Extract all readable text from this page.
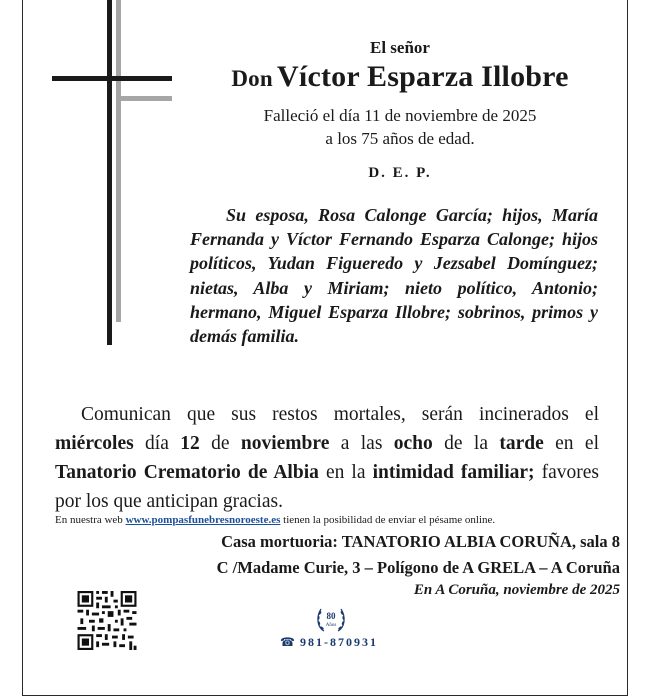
El señor
Don Víctor Esparza Illobre
Falleció el día 11 de noviembre de 2025
a los 75 años de edad.
D. E. P.
Su esposa, Rosa Calonge García; hijos, María Fernanda y Víctor Fernando Esparza Calonge; hijos políticos, Yudan Figueredo y Jezsabel Domínguez; nietas, Alba y Miriam; nieto político, Antonio; hermano, Miguel Esparza Illobre; sobrinos, primos y demás familia.
Comunican que sus restos mortales, serán incinerados el miércoles día 12 de noviembre a las ocho de la tarde en el Tanatorio Crematorio de Albia en la intimidad familiar; favores por los que anticipan gracias.
En nuestra web www.pompasfunebresnoroeste.es tienen la posibilidad de enviar el pésame online.
Casa mortuoria: TANATORIO ALBIA CORUÑA, sala 8
C /Madame Curie, 3 – Polígono de A GRELA – A Coruña
En A Coruña, noviembre de 2025
80
Años
☎ 981-870931
